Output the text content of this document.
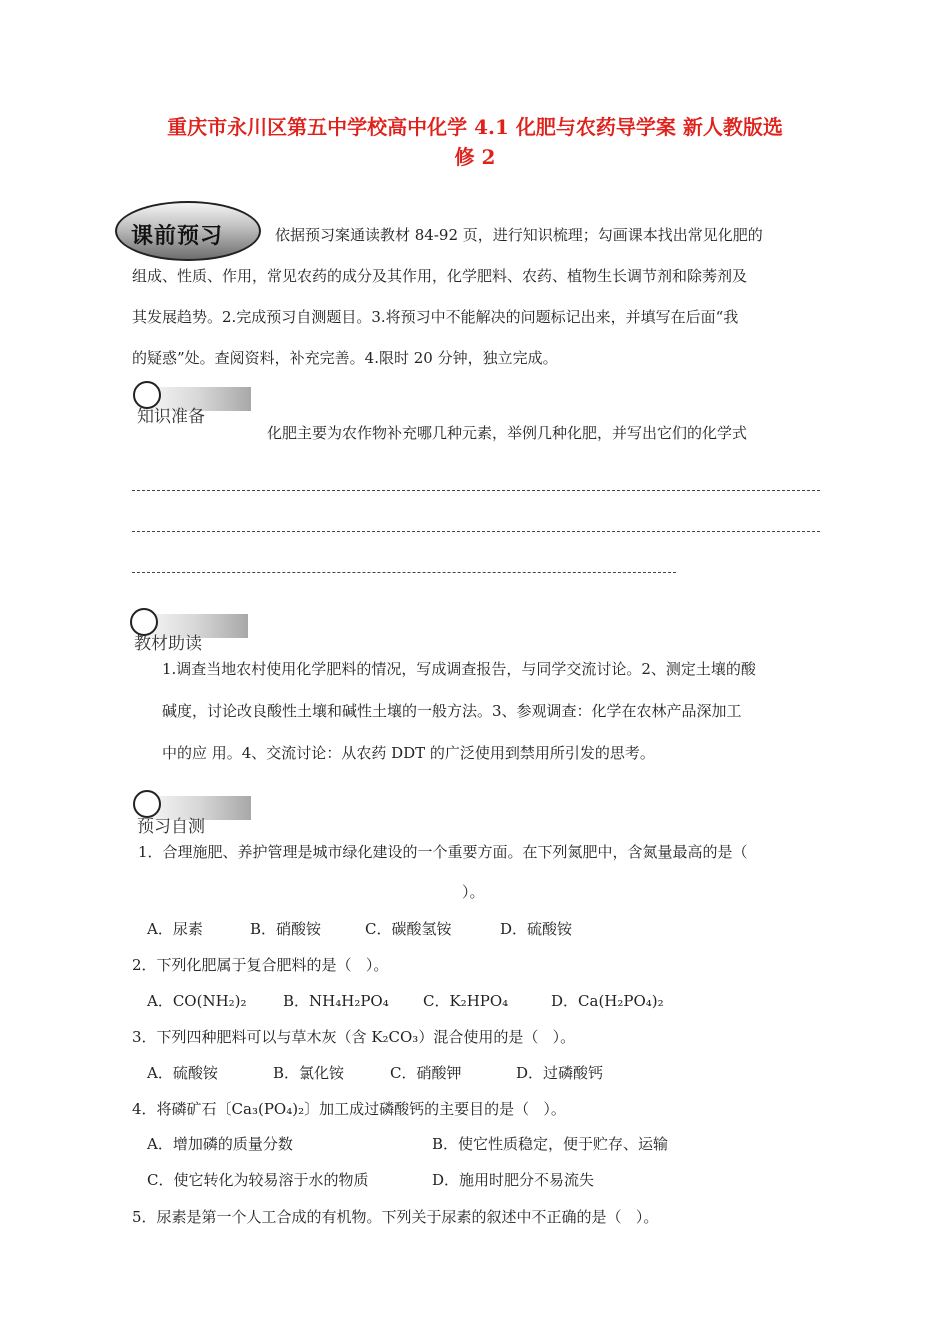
重庆市永川区第五中学校高中化学 4.1 化肥与农药导学案 新人教版选
修 2
课前预习	依据预习案通读教材 84-92 页，进行知识梳理；勾画课本找出常见化肥的
组成、性质、作用，常见农药的成分及其作用，化学肥料、农药、植物生长调节剂和除莠剂及
其发展趋势。2.完成预习自测题目。3.将预习中不能解决的问题标记出来，并填写在后面“我
的疑惑”处。查阅资料，补充完善。4.限时 20 分钟，独立完成。
知识准备
化肥主要为农作物补充哪几种元素，举例几种化肥，并写出它们的化学式
教材助读
1.调查当地农村使用化学肥料的情况，写成调查报告，与同学交流讨论。2、测定土壤的酸
碱度，讨论改良酸性土壤和碱性土壤的一般方法。3、参观调查：化学在农林产品深加工
中的应 用。4、交流讨论：从农药 DDT 的广泛使用到禁用所引发的思考。
预习自测
1．合理施肥、养护管理是城市绿化建设的一个重要方面。在下列氮肥中，含氮量最高的是（
）。
A．尿素	B．硝酸铵	C．碳酸氢铵	D．硫酸铵
2．下列化肥属于复合肥料的是（   ）。
A．CO(NH₂)₂ B．NH₄H₂PO₄ C．K₂HPO₄	D．Ca(H₂PO₄)₂
3．下列四种肥料可以与草木灰（含 K₂CO₃）混合使用的是（   ）。
A．硫酸铵	B．氯化铵	C．硝酸钾	D．过磷酸钙
4．将磷矿石〔Ca₃(PO₄)₂〕加工成过磷酸钙的主要目的是（   ）。
A．增加磷的质量分数	B．使它性质稳定，便于贮存、运输
C．使它转化为较易溶于水的物质	D．施用时肥分不易流失
5．尿素是第一个人工合成的有机物。下列关于尿素的叙述中不正确的是（   ）。
